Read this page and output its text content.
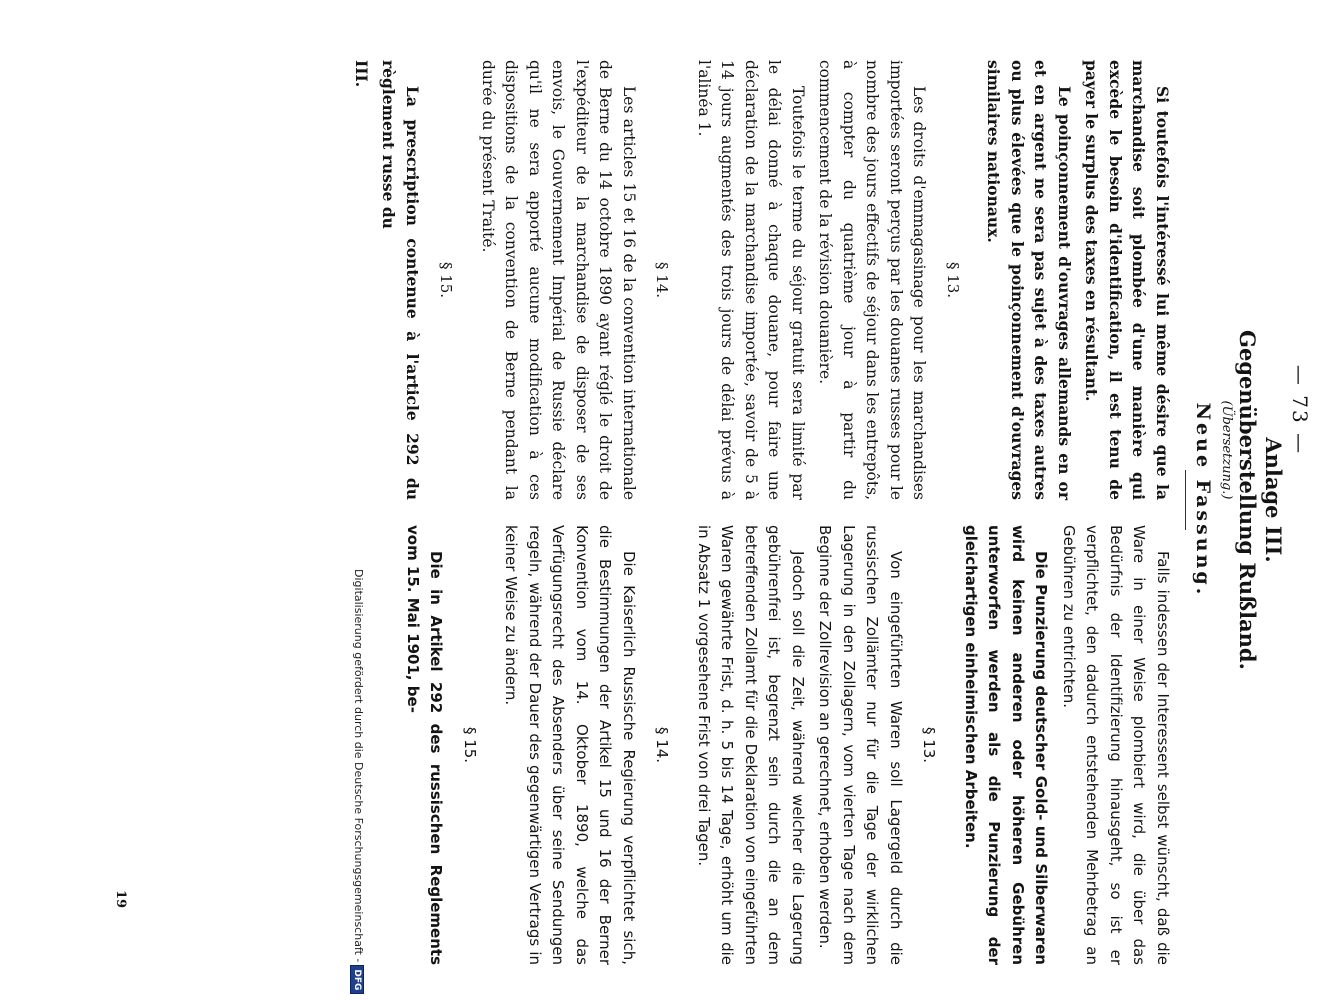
— 73 —
Anlage III.
Gegenüberstellung Rußland.
(Übersetzung.)
Neue Fassung.

Si toutefois l'intéressé lui même désire que la marchandise soit plombée d'une manière qui excède le besoin d'identification, il est tenu de payer le surplus des taxes en résultant.

Le poinçonnement d'ouvrages allemands en or et en argent ne sera pas sujet à des taxes autres ou plus élevées que le poinçonnement d'ouvrages similaires nationaux.

§ 13.

Les droits d'emmagasinage pour les marchandises importées seront perçus par les douanes russes pour le nombre des jours effectifs de séjour dans les entrepôts, à compter du quatrième jour à partir du commencement de la révision douanière.

Toutefois le terme du séjour gratuit sera limité par le délai donné à chaque douane, pour faire une déclaration de la marchandise importée, savoir de 5 à 14 jours augmentés des trois jours de délai prévus à l'alinéa 1.

§ 14.

Les articles 15 et 16 de la convention internationale de Berne du 14 octobre 1890 ayant réglé le droit de l'expéditeur de la marchandise de disposer de ses envois, le Gouvernement Impérial de Russie déclare qu'il ne sera apporté aucune modification à ces dispositions de la convention de Berne pendant la durée du présent Traité.

§ 15.

La prescription contenue à l'article 292 du règlement russe du

III.

Falls indessen der Interessent selbst wünscht, daß die Ware in einer Weise plombiert wird, die über das Bedürfnis der Identifizierung hinausgeht, so ist er verpflichtet, den dadurch entstehenden Mehrbetrag an Gebühren zu entrichten.

Die Punzierung deutscher Gold- und Silberwaren wird keinen anderen oder höheren Gebühren unterworfen werden als die Punzierung der gleichartigen einheimischen Arbeiten.

§ 13.

Von eingeführten Waren soll Lagergeld durch die russischen Zollämter nur für die Tage der wirklichen Lagerung in den Zollagern, vom vierten Tage nach dem Beginne der Zollrevision an gerechnet, erhoben werden.

Jedoch soll die Zeit, während welcher die Lagerung gebührenfrei ist, begrenzt sein durch die an dem betreffenden Zollamt für die Deklaration von eingeführten Waren gewährte Frist, d. h. 5 bis 14 Tage, erhöht um die in Absatz 1 vorgesehene Frist von drei Tagen.

§ 14.

Die Kaiserlich Russische Regierung verpflichtet sich, die Bestimmungen der Artikel 15 und 16 der Berner Konvention vom 14. Oktober 1890, welche das Verfügungsrecht des Absenders über seine Sendungen regeln, während der Dauer des gegenwärtigen Vertrags in keiner Weise zu ändern.

§ 15.

Die in Artikel 292 des russischen Reglements vom 15. Mai 1901, be-

19	Digitalisierung gefördert durch die Deutsche Forschungsgemeinschaft -DFG
